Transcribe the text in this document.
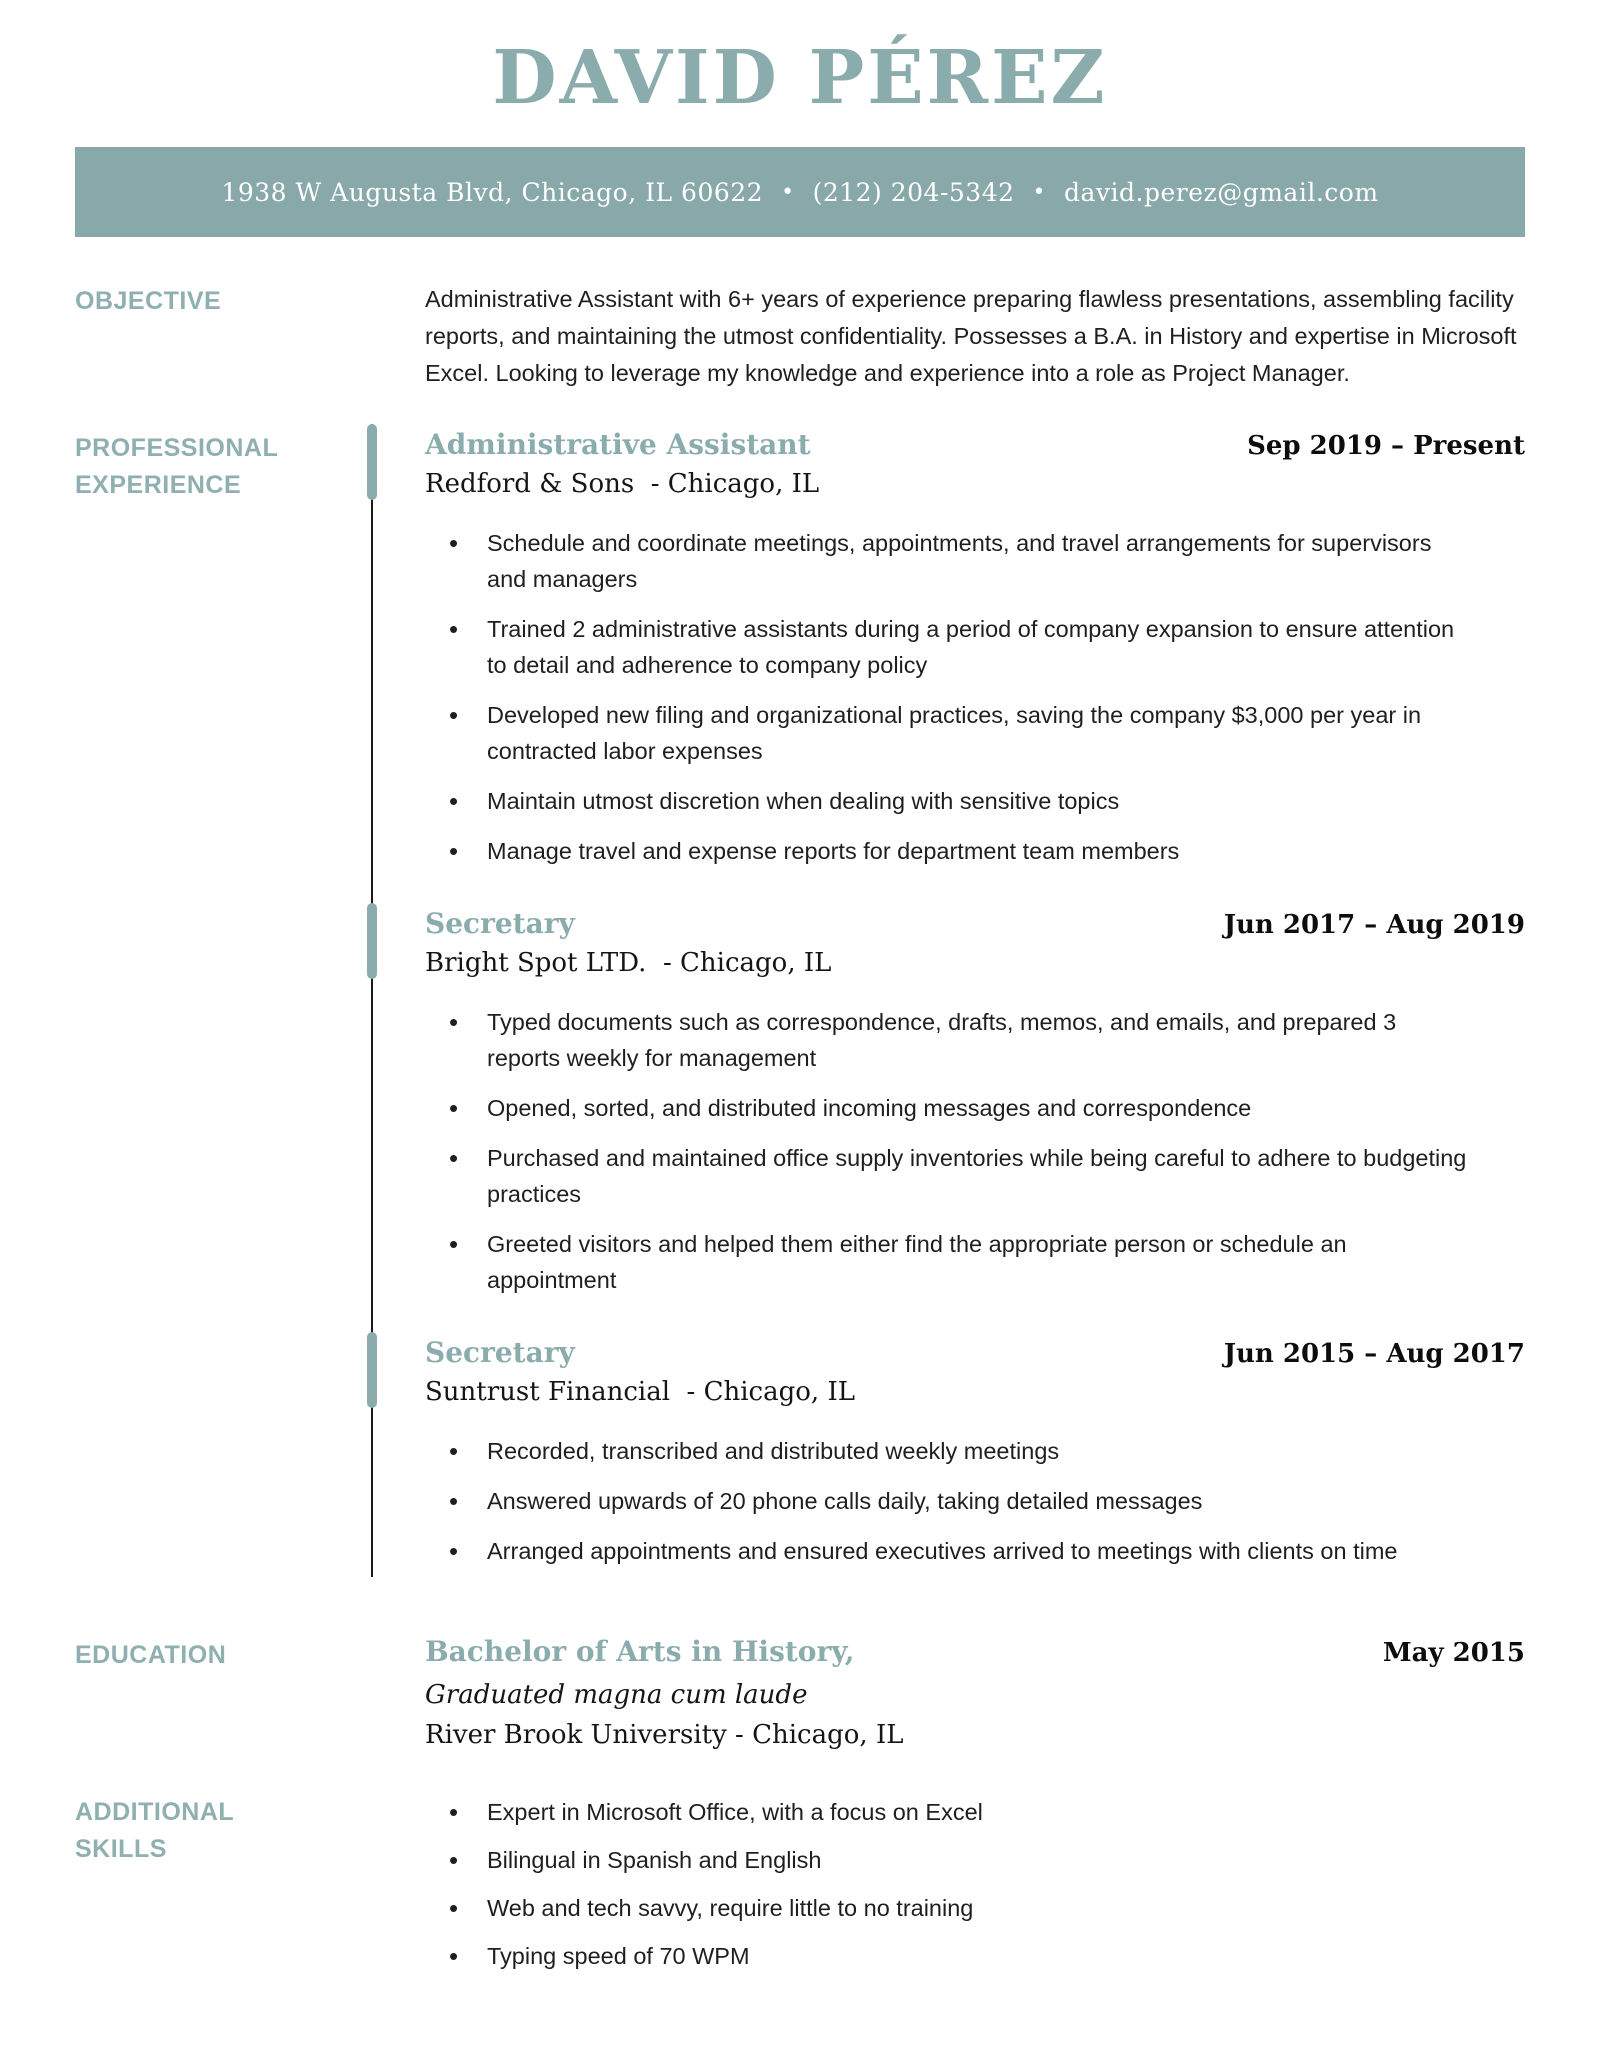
DAVID PÉREZ
1938 W Augusta Blvd, Chicago, IL 60622 • (212) 204-5342 • david.perez@gmail.com
OBJECTIVE	Administrative Assistant with 6+ years of experience preparing flawless presentations, assembling facility reports, and maintaining the utmost confidentiality. Possesses a B.A. in History and expertise in Microsoft Excel. Looking to leverage my knowledge and experience into a role as Project Manager.

PROFESSIONAL EXPERIENCE
Administrative Assistant	Sep 2019 – Present
Redford & Sons  - Chicago, IL
• Schedule and coordinate meetings, appointments, and travel arrangements for supervisors and managers
• Trained 2 administrative assistants during a period of company expansion to ensure attention to detail and adherence to company policy
• Developed new filing and organizational practices, saving the company $3,000 per year in contracted labor expenses
• Maintain utmost discretion when dealing with sensitive topics
• Manage travel and expense reports for department team members
Secretary	Jun 2017 – Aug 2019
Bright Spot LTD.  - Chicago, IL
• Typed documents such as correspondence, drafts, memos, and emails, and prepared 3 reports weekly for management
• Opened, sorted, and distributed incoming messages and correspondence
• Purchased and maintained office supply inventories while being careful to adhere to budgeting practices
• Greeted visitors and helped them either find the appropriate person or schedule an appointment
Secretary	Jun 2015 – Aug 2017
Suntrust Financial  - Chicago, IL
• Recorded, transcribed and distributed weekly meetings
• Answered upwards of 20 phone calls daily, taking detailed messages
• Arranged appointments and ensured executives arrived to meetings with clients on time
EDUCATION	Bachelor of Arts in History,	May 2015
Graduated magna cum laude
River Brook University - Chicago, IL
ADDITIONAL SKILLS
• Expert in Microsoft Office, with a focus on Excel
• Bilingual in Spanish and English
• Web and tech savvy, require little to no training
• Typing speed of 70 WPM
